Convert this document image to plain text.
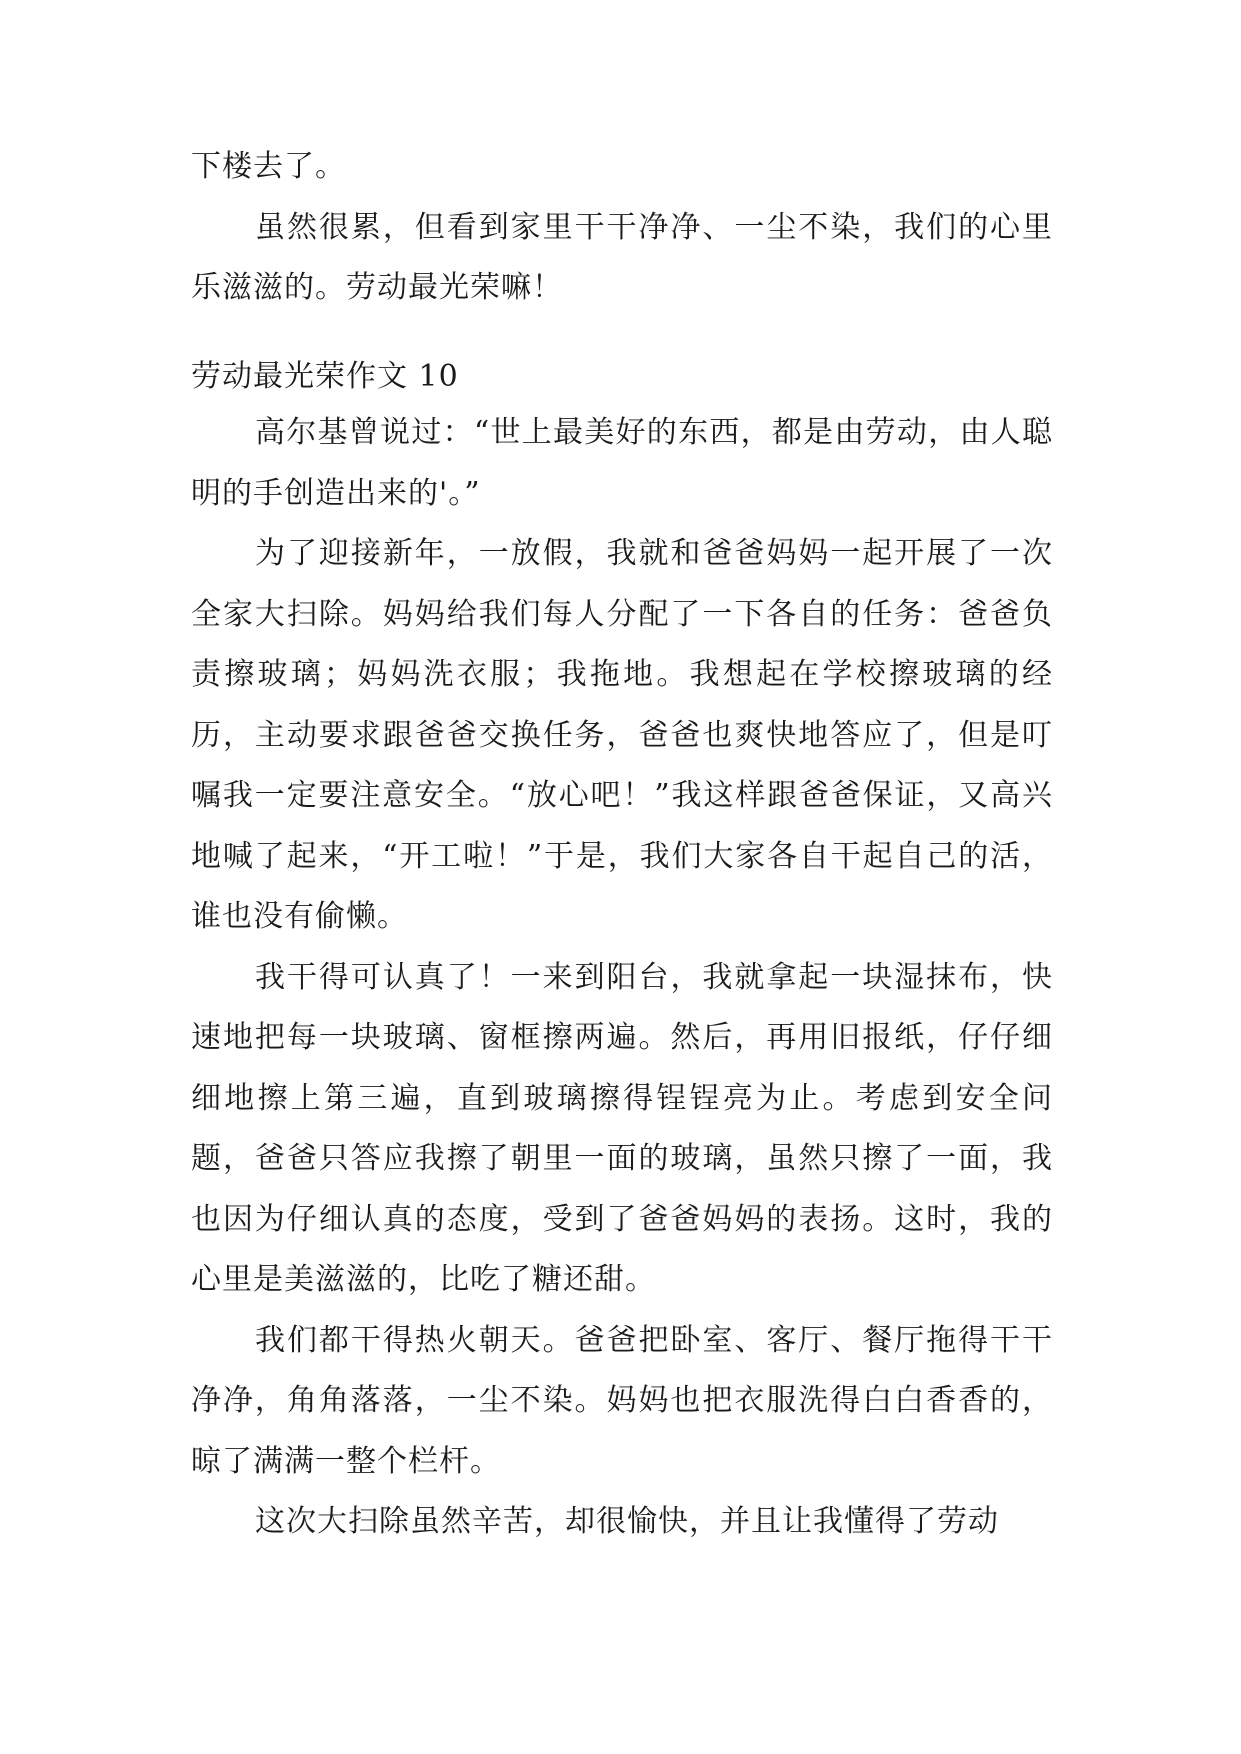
下楼去了。

虽然很累，但看到家里干干净净、一尘不染，我们的心里乐滋滋的。劳动最光荣嘛！

劳动最光荣作文 10

高尔基曾说过：“世上最美好的东西，都是由劳动，由人聪明的手创造出来的'。”

为了迎接新年，一放假，我就和爸爸妈妈一起开展了一次全家大扫除。妈妈给我们每人分配了一下各自的任务：爸爸负责擦玻璃；妈妈洗衣服；我拖地。我想起在学校擦玻璃的经历，主动要求跟爸爸交换任务，爸爸也爽快地答应了，但是叮嘱我一定要注意安全。“放心吧！”我这样跟爸爸保证，又高兴地喊了起来，“开工啦！”于是，我们大家各自干起自己的活，谁也没有偷懒。

我干得可认真了！一来到阳台，我就拿起一块湿抹布，快速地把每一块玻璃、窗框擦两遍。然后，再用旧报纸，仔仔细细地擦上第三遍，直到玻璃擦得锃锃亮为止。考虑到安全问题，爸爸只答应我擦了朝里一面的玻璃，虽然只擦了一面，我也因为仔细认真的态度，受到了爸爸妈妈的表扬。这时，我的心里是美滋滋的，比吃了糖还甜。

我们都干得热火朝天。爸爸把卧室、客厅、餐厅拖得干干净净，角角落落，一尘不染。妈妈也把衣服洗得白白香香的，晾了满满一整个栏杆。

这次大扫除虽然辛苦，却很愉快，并且让我懂得了劳动
